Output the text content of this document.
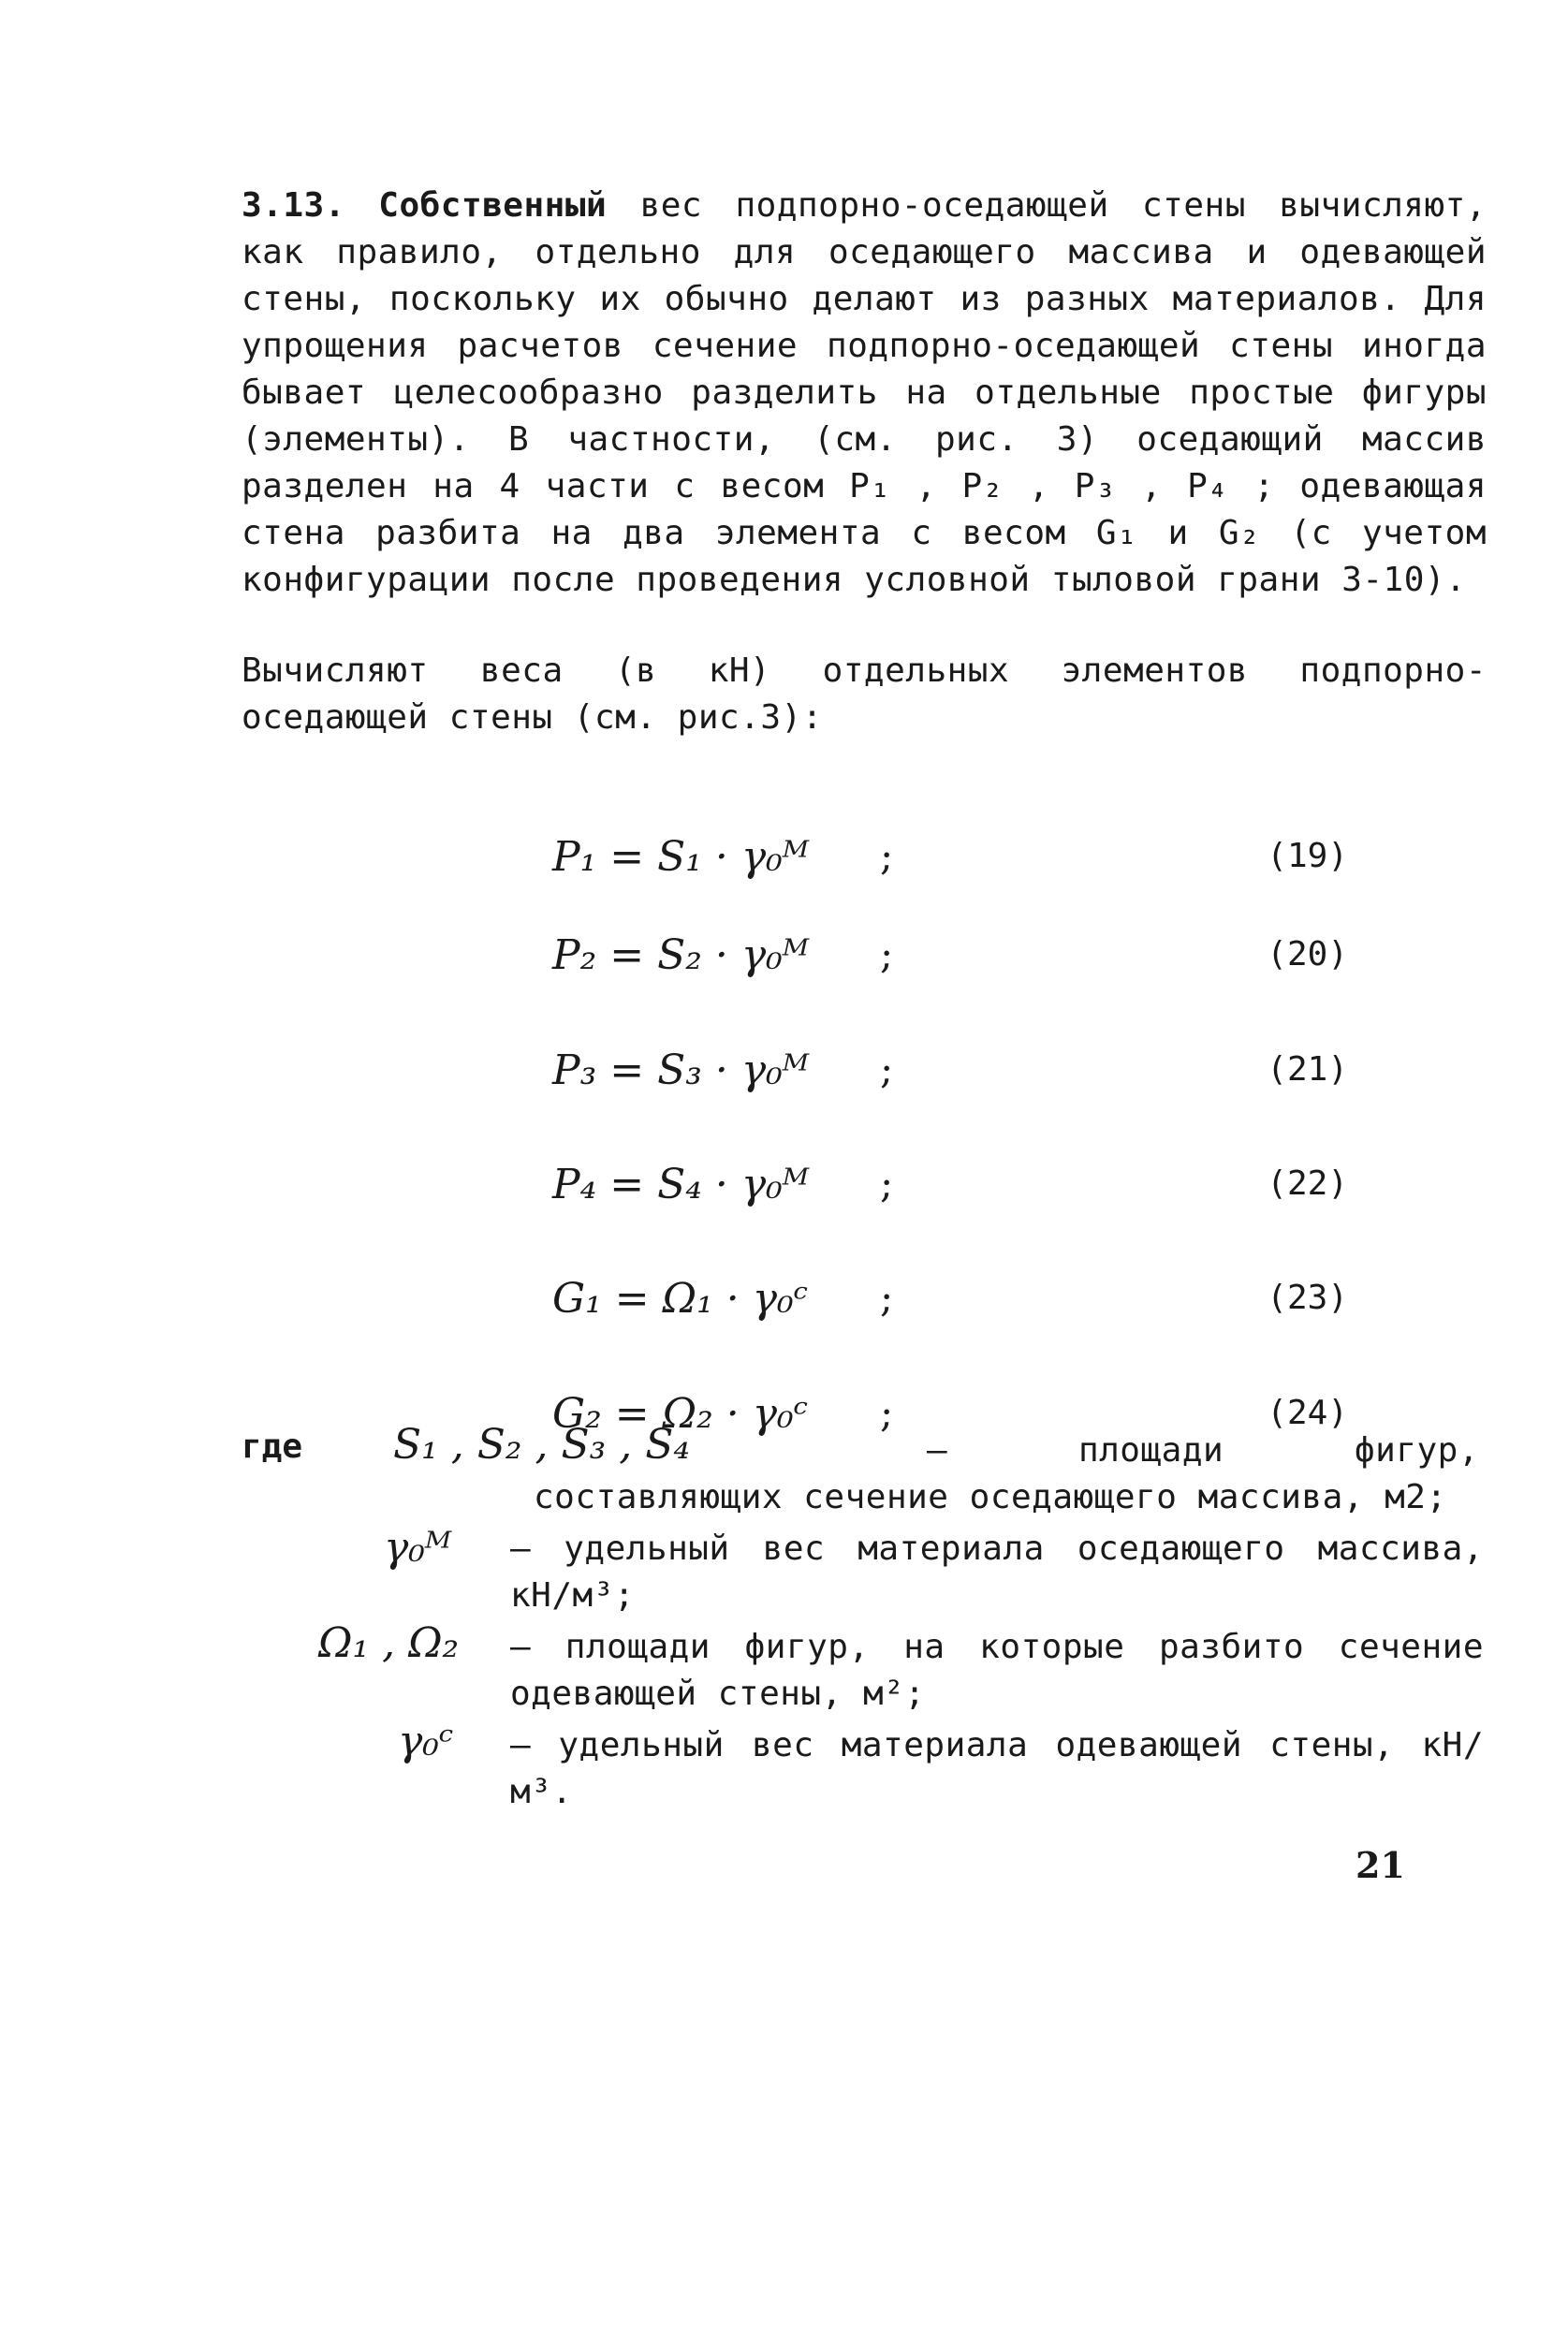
3.13. Собственный вес подпорно-оседающей стены вычисляют, как правило, отдельно для оседающего массива и одевающей стены, поскольку их обычно делают из разных материалов. Для упрощения расчетов сечение подпорно-оседающей стены иногда бывает целесообразно разделить на отдельные простые фигуры (элементы). В частности, (см. рис. 3) оседающий массив разделен на 4 части с весом P₁ , P₂ , P₃ , P₄ ; одевающая стена разбита на два элемента с весом G₁ и G₂ (с учетом конфигурации после проведения условной тыловой грани 3-10).

Вычисляют веса (в кН) отдельных элементов подпорно-оседающей стены (см. рис.3):
P₁ = S₁ · γ₀ᴹ ;	(19)
P₂ = S₂ · γ₀ᴹ ;	(20)
P₃ = S₃ · γ₀ᴹ ;	(21)
P₄ = S₄ · γ₀ᴹ ;	(22)
G₁ = Ω₁ · γ₀ᶜ ;	(23)
G₂ = Ω₂ · γ₀ᶜ ;	(24)
где S₁ , S₂ , S₃ , S₄	– площади фигур, составляющих сечение оседающего массива, м2;
γ₀ᴹ – удельный вес материала оседающего массива, кН/м³;
Ω₁ , Ω₂ – площади фигур, на которые разбито сечение одевающей стены, м²;
γ₀ᶜ – удельный вес материала одевающей стены, кН/м³.
21
